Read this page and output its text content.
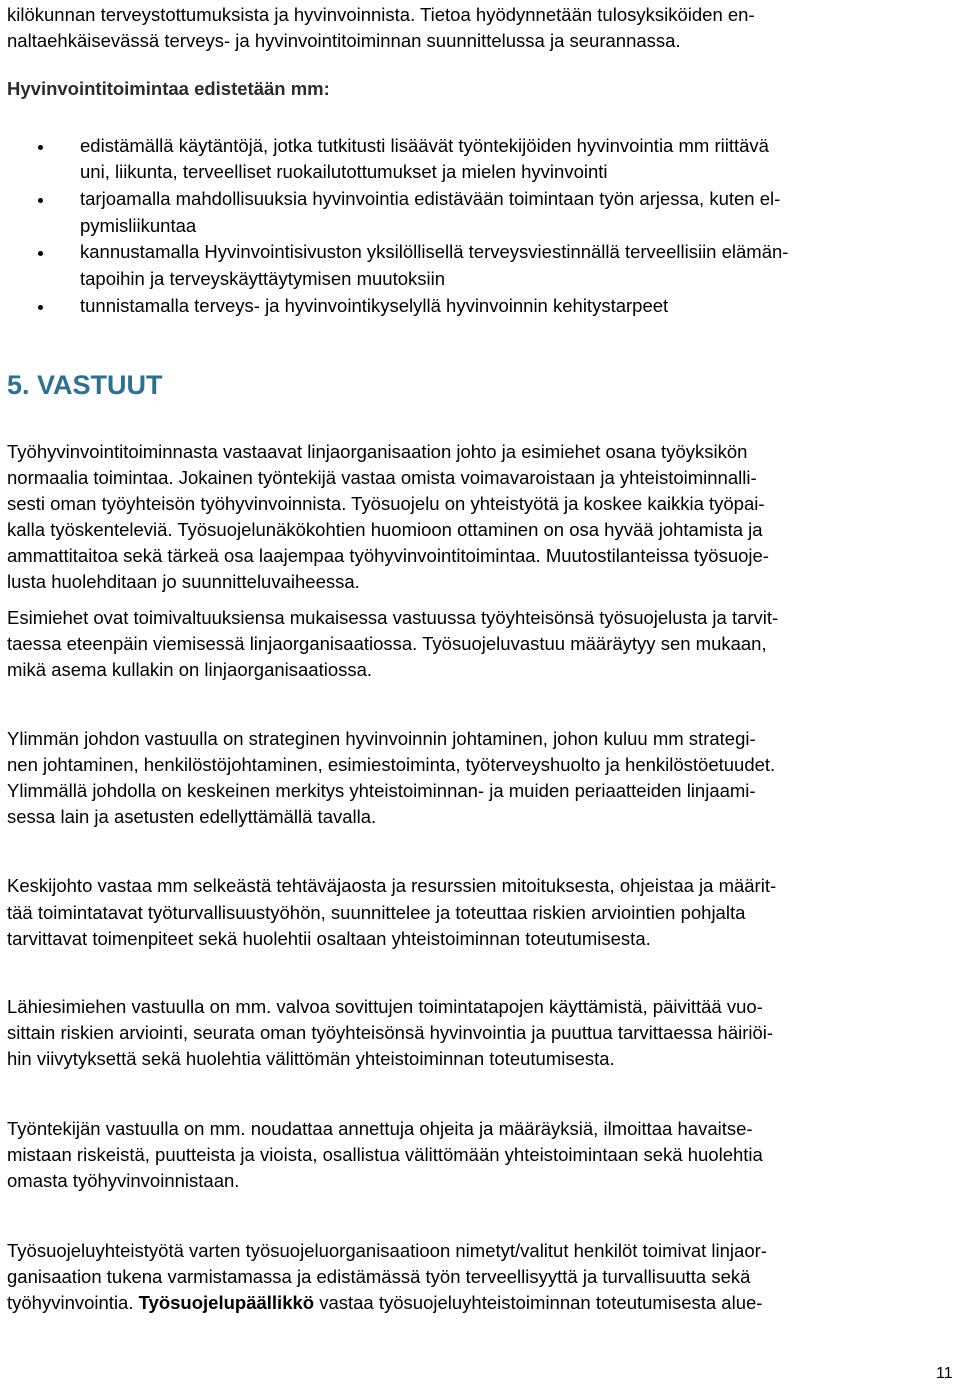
kilökunnan terveystottumuksista ja hyvinvoinnista. Tietoa hyödynnetään tulosyksiköiden en-
naltaehkäisevässä terveys- ja hyvinvointitoiminnan suunnittelussa ja seurannassa.
Hyvinvointitoimintaa edistetään mm:
edistämällä käytäntöjä, jotka tutkitusti lisäävät työntekijöiden hyvinvointia mm riittävä
uni, liikunta, terveelliset ruokailutottumukset ja mielen hyvinvointi
tarjoamalla mahdollisuuksia hyvinvointia edistävään toimintaan työn arjessa, kuten el-
pymisliikuntaa
kannustamalla Hyvinvointisivuston yksilöllisellä terveysviestinnällä terveellisiin elämän-
tapoihin ja terveyskäyttäytymisen muutoksiin
tunnistamalla terveys- ja hyvinvointikyselyllä hyvinvoinnin kehitystarpeet
5. VASTUUT
Työhyvinvointitoiminnasta vastaavat linjaorganisaation johto ja esimiehet osana työyksikön
normaalia toimintaa. Jokainen työntekijä vastaa omista voimavaroistaan ja yhteistoiminnalli-
sesti oman työyhteisön työhyvinvoinnista. Työsuojelu on yhteistyötä ja koskee kaikkia työpai-
kalla työskenteleviä. Työsuojelunäkökohtien huomioon ottaminen on osa hyvää johtamista ja
ammattitaitoa sekä tärkeä osa laajempaa työhyvinvointitoimintaa. Muutostilanteissa työsuoje-
lusta huolehditaan jo suunnitteluvaiheessa.
Esimiehet ovat toimivaltuuksiensa mukaisessa vastuussa työyhteisönsä työsuojelusta ja tarvit-
taessa eteenpäin viemisessä linjaorganisaatiossa. Työsuojeluvastuu määräytyy sen mukaan,
mikä asema kullakin on linjaorganisaatiossa.
Ylimmän johdon vastuulla on strateginen hyvinvoinnin johtaminen, johon kuluu mm strategi-
nen johtaminen, henkilöstöjohtaminen, esimiestoiminta, työterveyshuolto ja henkilöstöetuudet.
Ylimmällä johdolla on keskeinen merkitys yhteistoiminnan- ja muiden periaatteiden linjaami-
sessa lain ja asetusten edellyttämällä tavalla.
Keskijohto vastaa mm selkeästä tehtäväjaosta ja resurssien mitoituksesta, ohjeistaa ja määrit-
tää toimintatavat työturvallisuustyöhön, suunnittelee ja toteuttaa riskien arviointien pohjalta
tarvittavat toimenpiteet sekä huolehtii osaltaan yhteistoiminnan toteutumisesta.
Lähiesimiehen vastuulla on mm. valvoa sovittujen toimintatapojen käyttämistä, päivittää vuo-
sittain riskien arviointi, seurata oman työyhteisönsä hyvinvointia ja puuttua tarvittaessa häiriöi-
hin viivytyksettä sekä huolehtia välittömän yhteistoiminnan toteutumisesta.
Työntekijän vastuulla on mm. noudattaa annettuja ohjeita ja määräyksiä, ilmoittaa havaitse-
mistaan riskeistä, puutteista ja vioista, osallistua välittömään yhteistoimintaan sekä huolehtia
omasta työhyvinvoinnistaan.
Työsuojeluyhteistyötä varten työsuojeluorganisaatioon nimetyt/valitut henkilöt toimivat linjaor-
ganisaation tukena varmistamassa ja edistämässä työn terveellisyyttä ja turvallisuutta sekä
työhyvinvointia. Työsuojelupäällikkö vastaa työsuojeluyhteistoiminnan toteutumisesta alue-
11
